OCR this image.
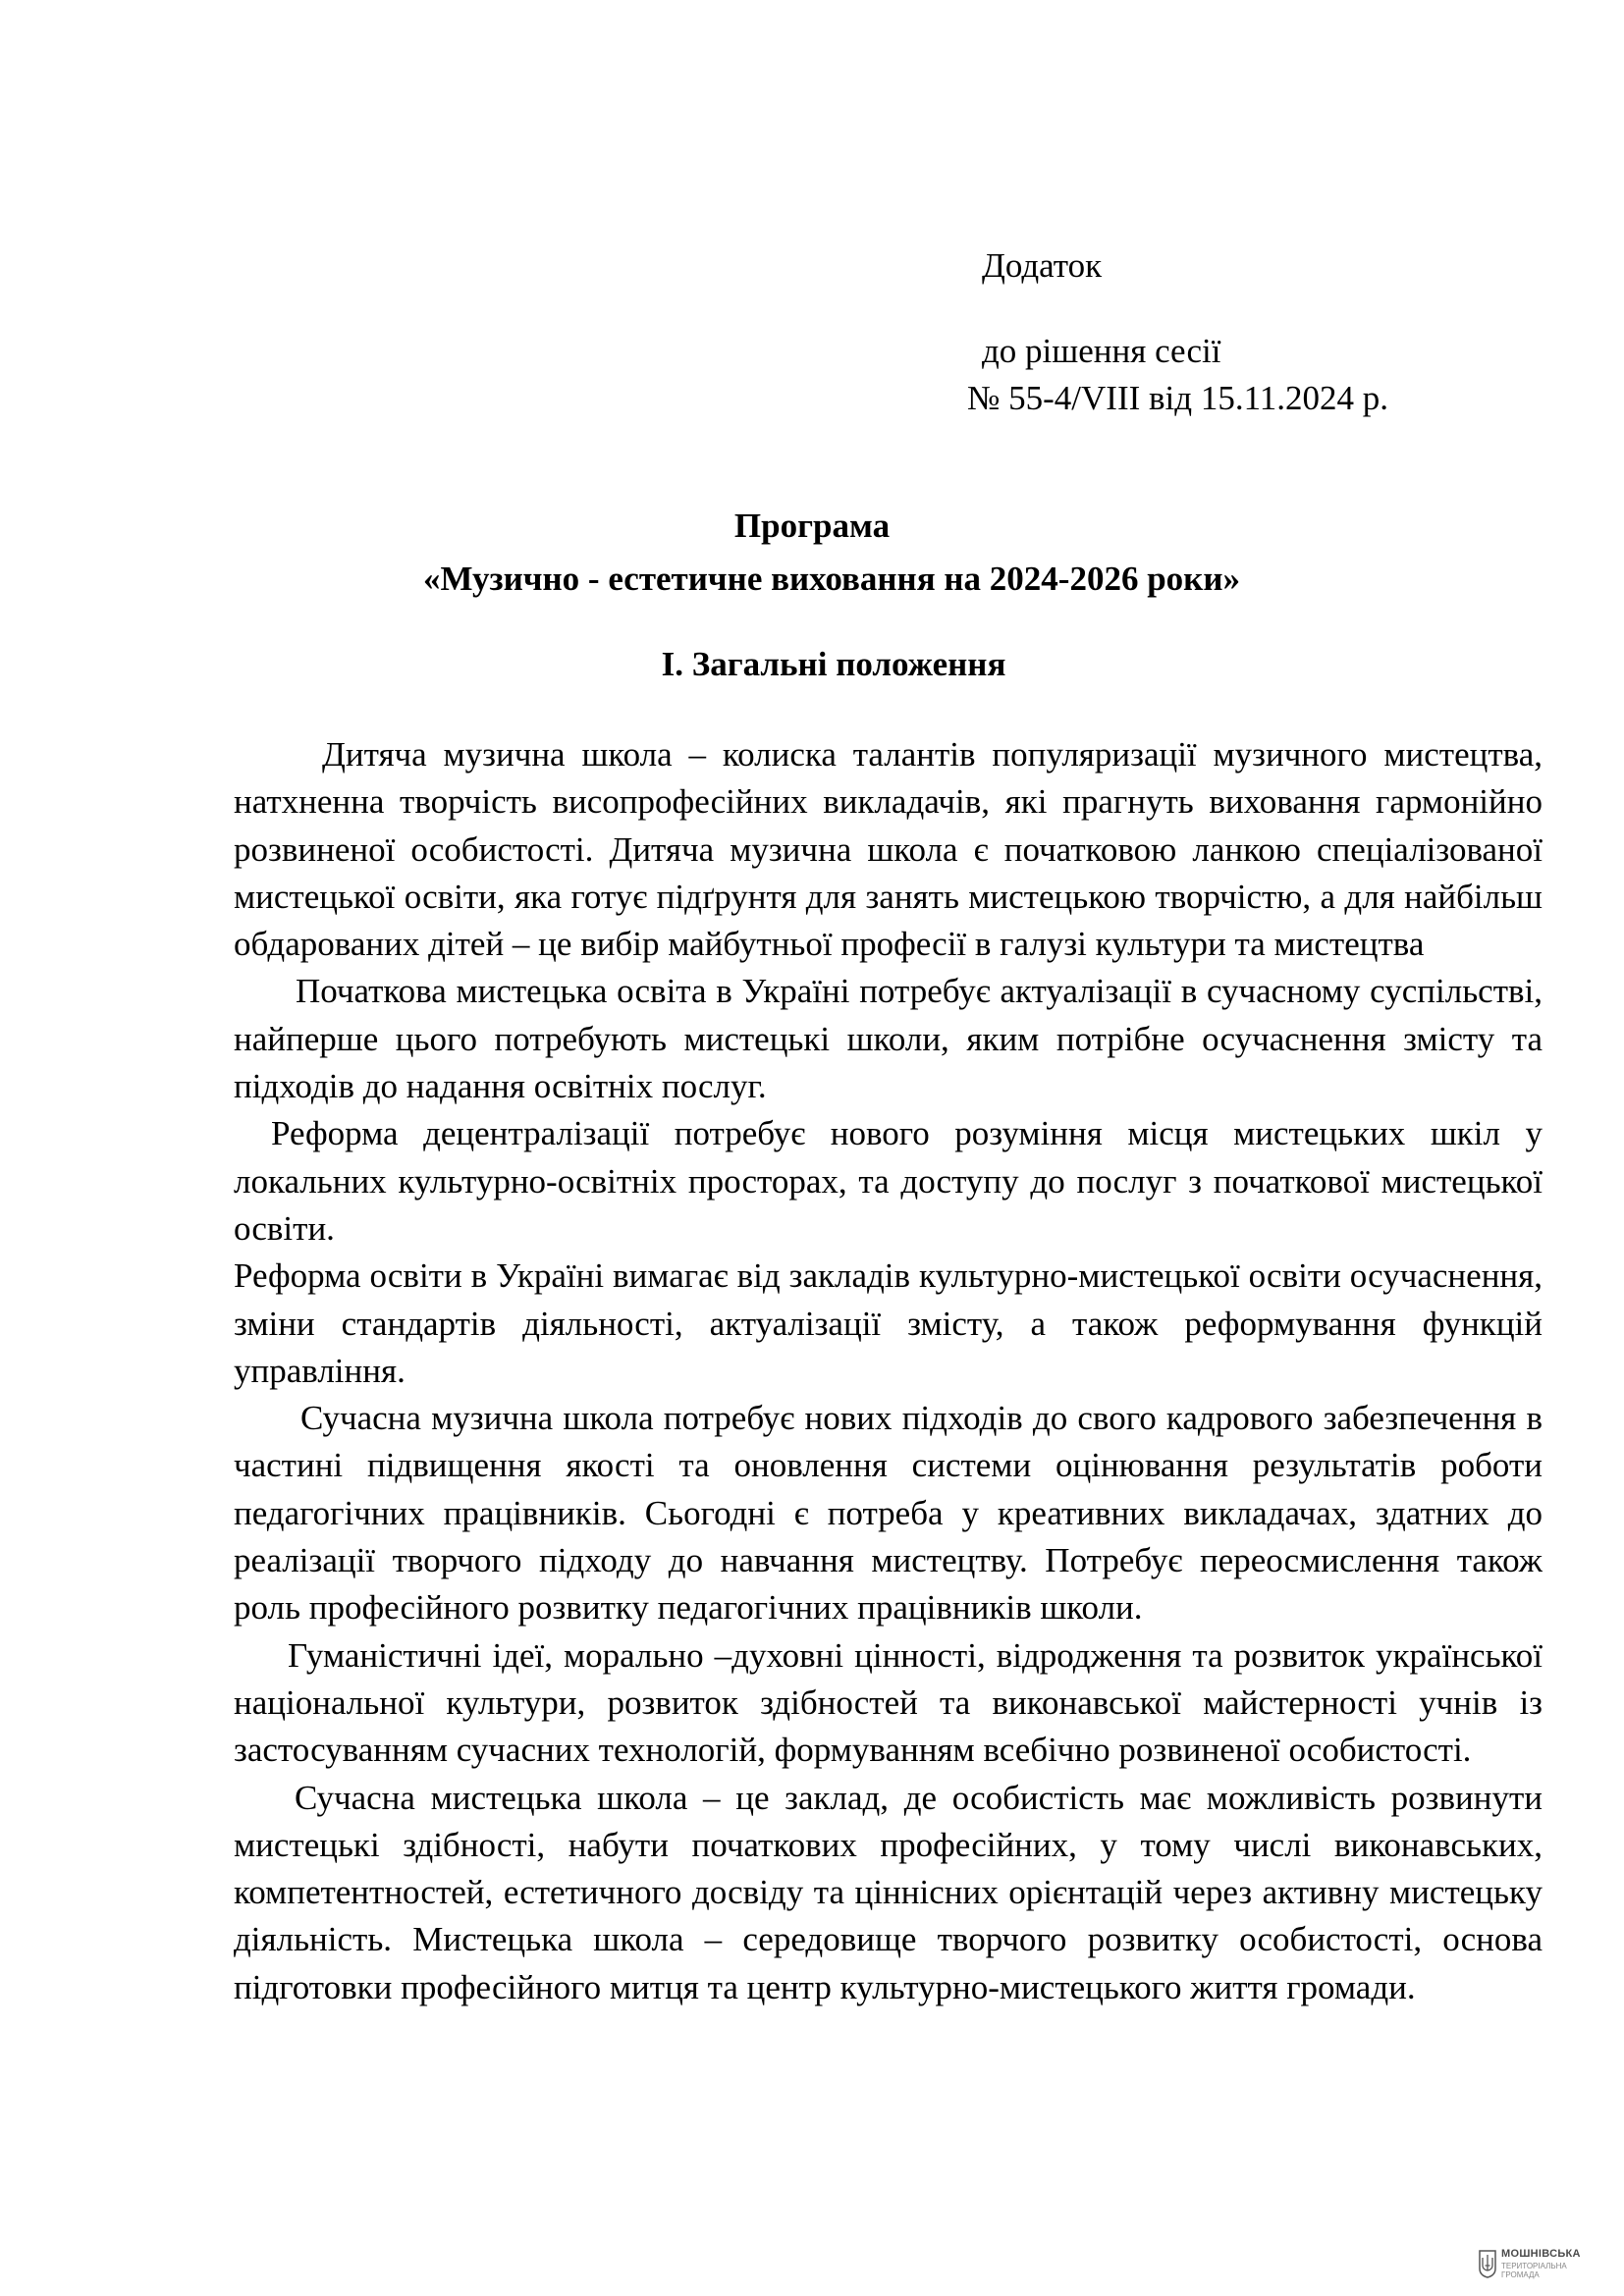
Додаток
до рішення сесії
№ 55-4/VIII від 15.11.2024 р.
Програма
«Музично - естетичне виховання на 2024-2026 роки»
І. Загальні положення

Дитяча музична школа – колиска талантів популяризації музичного мистецтва, натхненна творчість висопрофесійних викладачів, які прагнуть виховання гармонійно розвиненої особистості. Дитяча музична школа є початковою ланкою спеціалізованої мистецької освіти, яка готує підґрунтя для занять мистецькою творчістю, а для найбільш обдарованих дітей – це вибір майбутньої професії в галузі культури та мистецтва

Початкова мистецька освіта в Україні потребує актуалізації в сучасному суспільстві, найперше цього потребують мистецькі школи, яким потрібне осучаснення змісту та підходів до надання освітніх послуг.

Реформа децентралізації потребує нового розуміння місця мистецьких шкіл у локальних культурно-освітніх просторах, та доступу до послуг з початкової мистецької освіти.

Реформа освіти в Україні вимагає від закладів культурно-мистецької освіти осучаснення, зміни стандартів діяльності, актуалізації змісту, а також реформування функцій управління.

Сучасна музична школа потребує нових підходів до свого кадрового забезпечення в частині підвищення якості та оновлення системи оцінювання результатів роботи педагогічних працівників. Сьогодні є потреба у креативних викладачах, здатних до реалізації творчого підходу до навчання мистецтву. Потребує переосмислення також роль професійного розвитку педагогічних працівників школи.

Гуманістичні ідеї, морально –духовні цінності, відродження та розвиток української національної культури, розвиток здібностей та виконавської майстерності учнів із застосуванням сучасних технологій, формуванням всебічно розвиненої особистості.

Сучасна мистецька школа – це заклад, де особистість має можливість розвинути мистецькі здібності, набути початкових професійних, у тому числі виконавських, компетентностей, естетичного досвіду та ціннісних орієнтацій через активну мистецьку діяльність. Мистецька школа – середовище творчого розвитку особистості, основа підготовки професійного митця та центр культурно-мистецького життя громади.

МОШНІВСЬКА
ТЕРИТОРІАЛЬНА
ГРОМАДА
